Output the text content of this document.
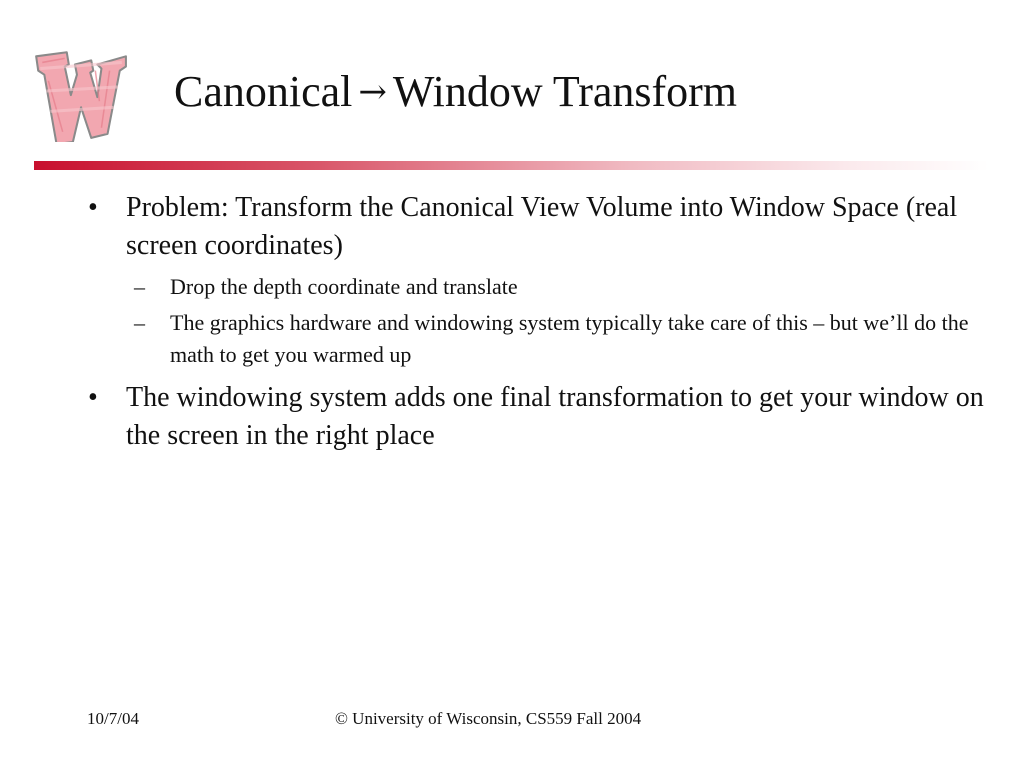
Canonical → Window Transform
• Problem: Transform the Canonical View Volume into Window Space (real screen coordinates)
– Drop the depth coordinate and translate
– The graphics hardware and windowing system typically take care of this – but we’ll do the math to get you warmed up
• The windowing system adds one final transformation to get your window on the screen in the right place
10/7/04	© University of Wisconsin, CS559 Fall 2004
